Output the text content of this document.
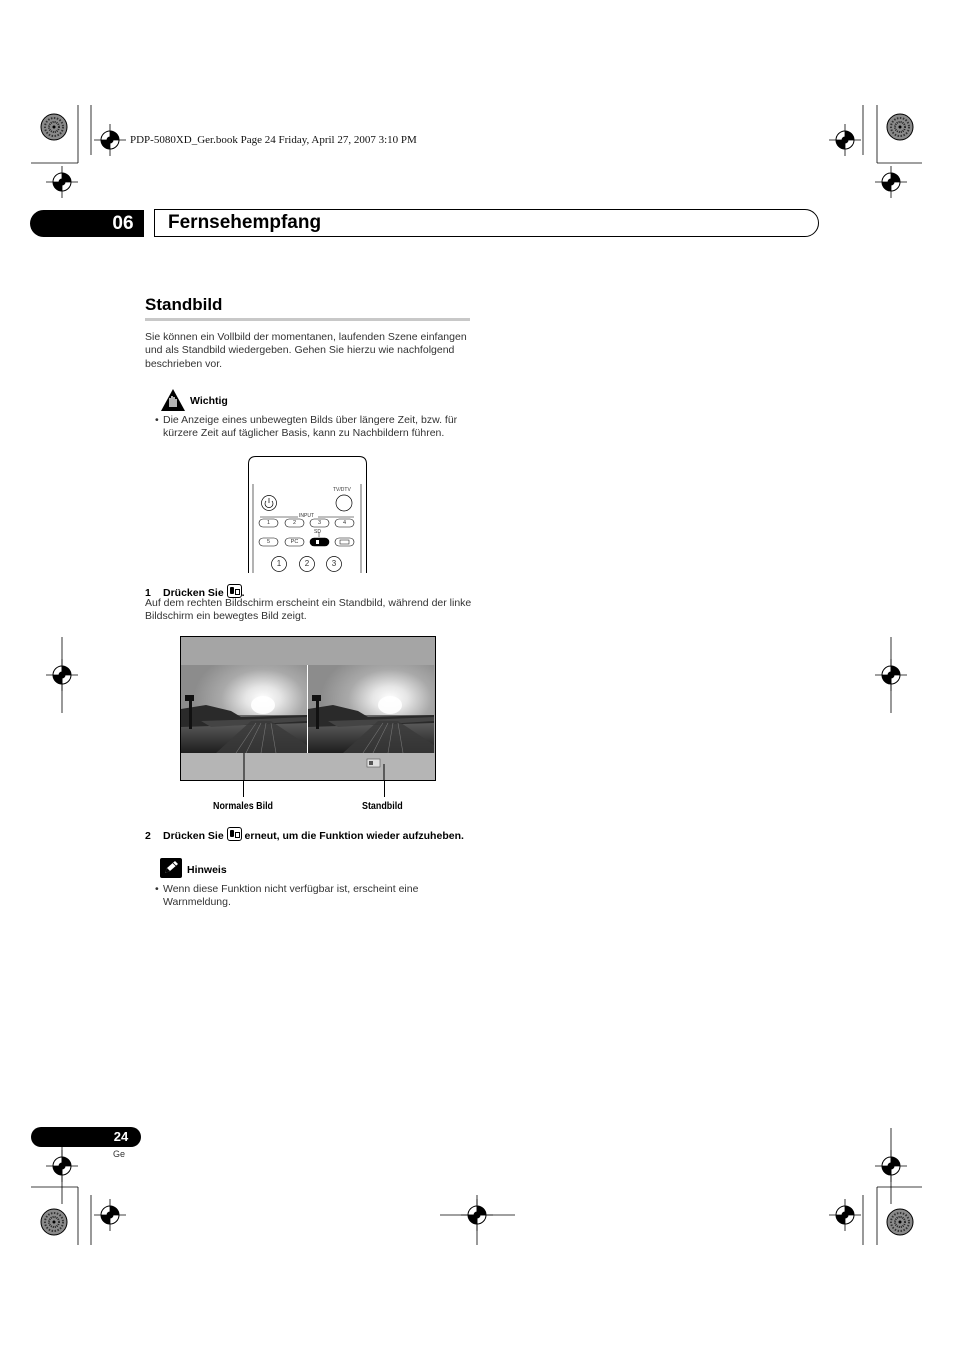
PDP-5080XD_Ger.book Page 24 Friday, April 27, 2007 3:10 PM
06	Fernsehempfang
Standbild
Sie können ein Vollbild der momentanen, laufenden Szene einfangen und als Standbild wiedergeben. Gehen Sie hierzu wie nachfolgend beschrieben vor.
Wichtig
• Die Anzeige eines unbewegten Bilds über längere Zeit, bzw. für kürzere Zeit auf täglicher Basis, kann zu Nachbildern führen.
TV/DTV
INPUT
1	2	3	4
5	PC
SD
1	2	3
1 Drücken Sie .
Auf dem rechten Bildschirm erscheint ein Standbild, während der linke Bildschirm ein bewegtes Bild zeigt.
Normales Bild	Standbild
2 Drücken Sie erneut, um die Funktion wieder aufzuheben.
Hinweis
• Wenn diese Funktion nicht verfügbar ist, erscheint eine Warnmeldung.
24
Ge
